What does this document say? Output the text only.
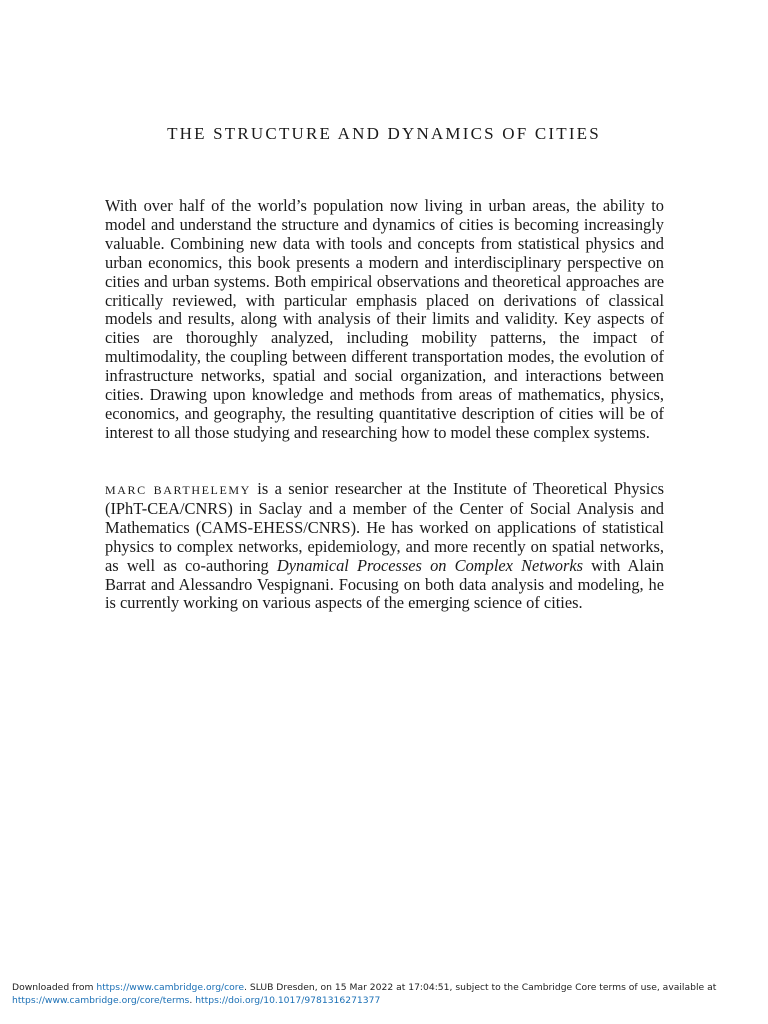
THE STRUCTURE AND DYNAMICS OF CITIES

With over half of the world’s population now living in urban areas, the ability to model and understand the structure and dynamics of cities is becoming increasingly valuable. Combining new data with tools and concepts from statistical physics and urban economics, this book presents a modern and interdisciplinary perspective on cities and urban systems. Both empirical observations and theoretical approaches are critically reviewed, with particular emphasis placed on derivations of classical models and results, along with analysis of their limits and validity. Key aspects of cities are thoroughly analyzed, including mobility patterns, the impact of multimodality, the coupling between different transportation modes, the evolution of infrastructure networks, spatial and social organization, and interactions between cities. Drawing upon knowledge and methods from areas of mathematics, physics, economics, and geography, the resulting quantitative description of cities will be of interest to all those studying and researching how to model these complex systems.

MARC BARTHELEMY is a senior researcher at the Institute of Theoretical Physics (IPhT-CEA/CNRS) in Saclay and a member of the Center of Social Analysis and Mathematics (CAMS-EHESS/CNRS). He has worked on applications of statistical physics to complex networks, epidemiology, and more recently on spatial networks, as well as co-authoring Dynamical Processes on Complex Networks with Alain Barrat and Alessandro Vespignani. Focusing on both data analysis and modeling, he is currently working on various aspects of the emerging science of cities.

Downloaded from https://www.cambridge.org/core. SLUB Dresden, on 15 Mar 2022 at 17:04:51, subject to the Cambridge Core terms of use, available at
https://www.cambridge.org/core/terms. https://doi.org/10.1017/9781316271377
